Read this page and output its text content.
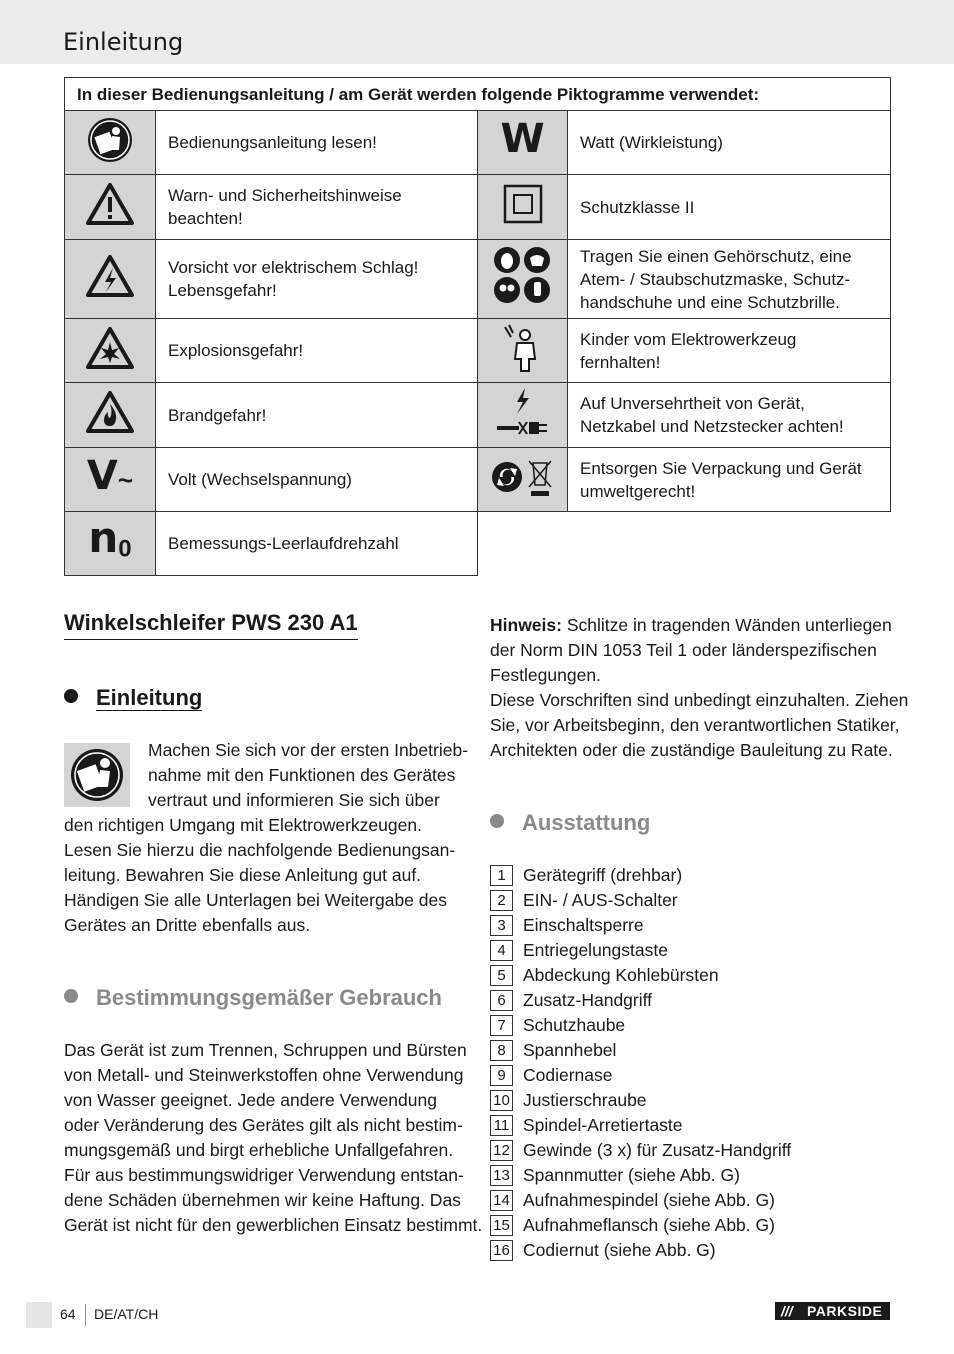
Einleitung
In dieser Bedienungsanleitung / am Gerät werden folgende Piktogramme verwendet:			
	Bedienungsanleitung lesen!	W	Watt (Wirkleistung)
	Warn- und Sicherheitshinweise beachten!		Schutzklasse II
	Vorsicht vor elektrischem Schlag! Lebensgefahr!		Tragen Sie einen Gehörschutz, eine Atem- / Staubschutzmaske, Schutz-handschuhe und eine Schutzbrille.
	Explosionsgefahr!		Kinder vom Elektrowerkzeug fernhalten!
	Brandgefahr!		Auf Unversehrtheit von Gerät, Netzkabel und Netzstecker achten!
V~	Volt (Wechselspannung)		Entsorgen Sie Verpackung und Gerät umweltgerecht!
$n_0$	Bemessungs-Leerlaufdrehzahl		
Winkelschleifer PWS 230 A1
Einleitung
Machen Sie sich vor der ersten Inbetrieb-
nahme mit den Funktionen des Gerätes
vertraut und informieren Sie sich über
den richtigen Umgang mit Elektrowerkzeugen.
Lesen Sie hierzu die nachfolgende Bedienungsan-
leitung. Bewahren Sie diese Anleitung gut auf.
Händigen Sie alle Unterlagen bei Weitergabe des
Gerätes an Dritte ebenfalls aus.
Bestimmungsgemäßer Gebrauch
Das Gerät ist zum Trennen, Schruppen und Bürsten
von Metall- und Steinwerkstoffen ohne Verwendung
von Wasser geeignet. Jede andere Verwendung
oder Veränderung des Gerätes gilt als nicht bestim-
mungsgemäß und birgt erhebliche Unfallgefahren.
Für aus bestimmungswidriger Verwendung entstan-
dene Schäden übernehmen wir keine Haftung. Das
Gerät ist nicht für den gewerblichen Einsatz bestimmt.
Hinweis: Schlitze in tragenden Wänden unterliegen
der Norm DIN 1053 Teil 1 oder länderspezifischen
Festlegungen.
Diese Vorschriften sind unbedingt einzuhalten. Ziehen
Sie, vor Arbeitsbeginn, den verantwortlichen Statiker,
Architekten oder die zuständige Bauleitung zu Rate.
Ausstattung
1 Gerätegriff (drehbar)
2 EIN- / AUS-Schalter
3 Einschaltsperre
4 Entriegelungstaste
5 Abdeckung Kohlebürsten
6 Zusatz-Handgriff
7 Schutzhaube
8 Spannhebel
9 Codiernase
10 Justierschraube
11 Spindel-Arretiertaste
12 Gewinde (3 x) für Zusatz-Handgriff
13 Spannmutter (siehe Abb. G)
14 Aufnahmespindel (siehe Abb. G)
15 Aufnahmeflansch (siehe Abb. G)
16 Codiernut (siehe Abb. G)
64 DE/AT/CH	/// PARKSIDE
